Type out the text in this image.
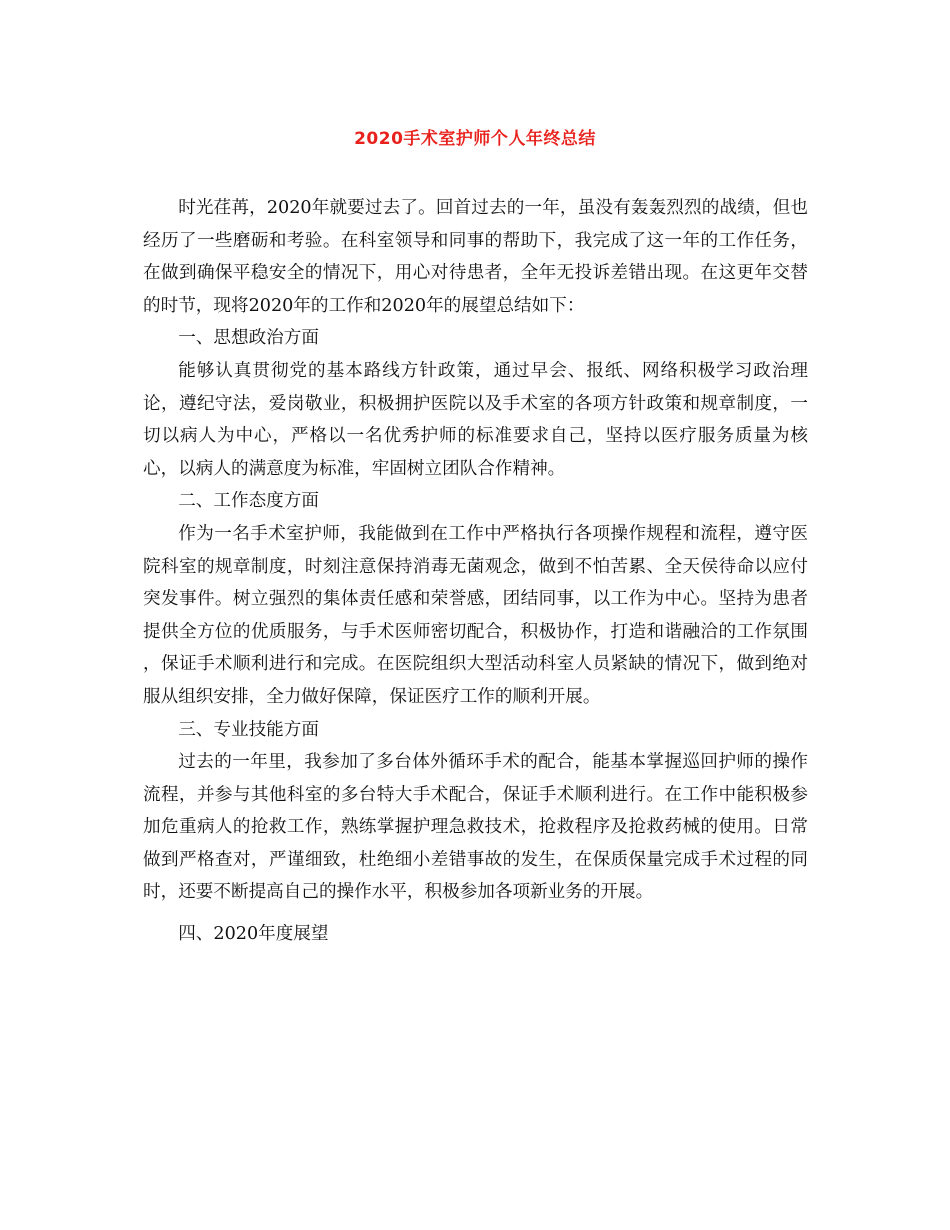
2020手术室护师个人年终总结

时光荏苒，2020年就要过去了。回首过去的一年，虽没有轰轰烈烈的战绩，但也经历了一些磨砺和考验。在科室领导和同事的帮助下，我完成了这一年的工作任务，在做到确保平稳安全的情况下，用心对待患者，全年无投诉差错出现。在这更年交替的时节，现将2020年的工作和2020年的展望总结如下：

一、思想政治方面

能够认真贯彻党的基本路线方针政策，通过早会、报纸、网络积极学习政治理论，遵纪守法，爱岗敬业，积极拥护医院以及手术室的各项方针政策和规章制度，一切以病人为中心，严格以一名优秀护师的标准要求自己，坚持以医疗服务质量为核心，以病人的满意度为标准，牢固树立团队合作精神。

二、工作态度方面

作为一名手术室护师，我能做到在工作中严格执行各项操作规程和流程，遵守医院科室的规章制度，时刻注意保持消毒无菌观念，做到不怕苦累、全天侯待命以应付突发事件。树立强烈的集体责任感和荣誉感，团结同事，以工作为中心。坚持为患者提供全方位的优质服务，与手术医师密切配合，积极协作，打造和谐融洽的工作氛围 ，保证手术顺利进行和完成。在医院组织大型活动科室人员紧缺的情况下，做到绝对服从组织安排，全力做好保障，保证医疗工作的顺利开展。

三、专业技能方面

过去的一年里，我参加了多台体外循环手术的配合，能基本掌握巡回护师的操作流程，并参与其他科室的多台特大手术配合，保证手术顺利进行。在工作中能积极参加危重病人的抢救工作，熟练掌握护理急救技术，抢救程序及抢救药械的使用。日常做到严格查对，严谨细致，杜绝细小差错事故的发生，在保质保量完成手术过程的同时，还要不断提高自己的操作水平，积极参加各项新业务的开展。

四、2020年度展望
